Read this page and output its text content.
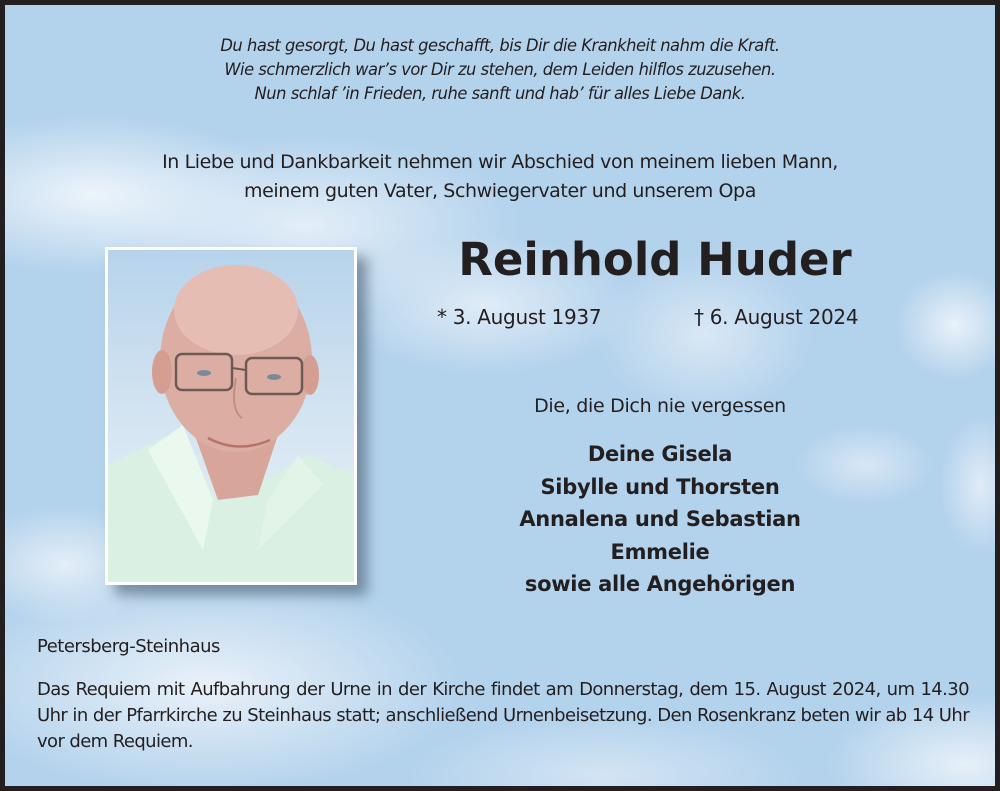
Du hast gesorgt, Du hast geschafft, bis Dir die Krankheit nahm die Kraft.
Wie schmerzlich war’s vor Dir zu stehen, dem Leiden hilflos zuzusehen.
Nun schlaf ’in Frieden, ruhe sanft und hab’ für alles Liebe Dank.
In Liebe und Dankbarkeit nehmen wir Abschied von meinem lieben Mann,
meinem guten Vater, Schwiegervater und unserem Opa
Reinhold Huder
* 3. August 1937	† 6. August 2024
Die, die Dich nie vergessen
Deine Gisela
Sibylle und Thorsten
Annalena und Sebastian
Emmelie
sowie alle Angehörigen
Petersberg-Steinhaus
Das Requiem mit Aufbahrung der Urne in der Kirche findet am Donnerstag, dem 15. August 2024, um 14.30 Uhr in der Pfarrkirche zu Steinhaus statt; anschließend Urnenbeisetzung. Den Rosenkranz beten wir ab 14 Uhr vor dem Requiem.
